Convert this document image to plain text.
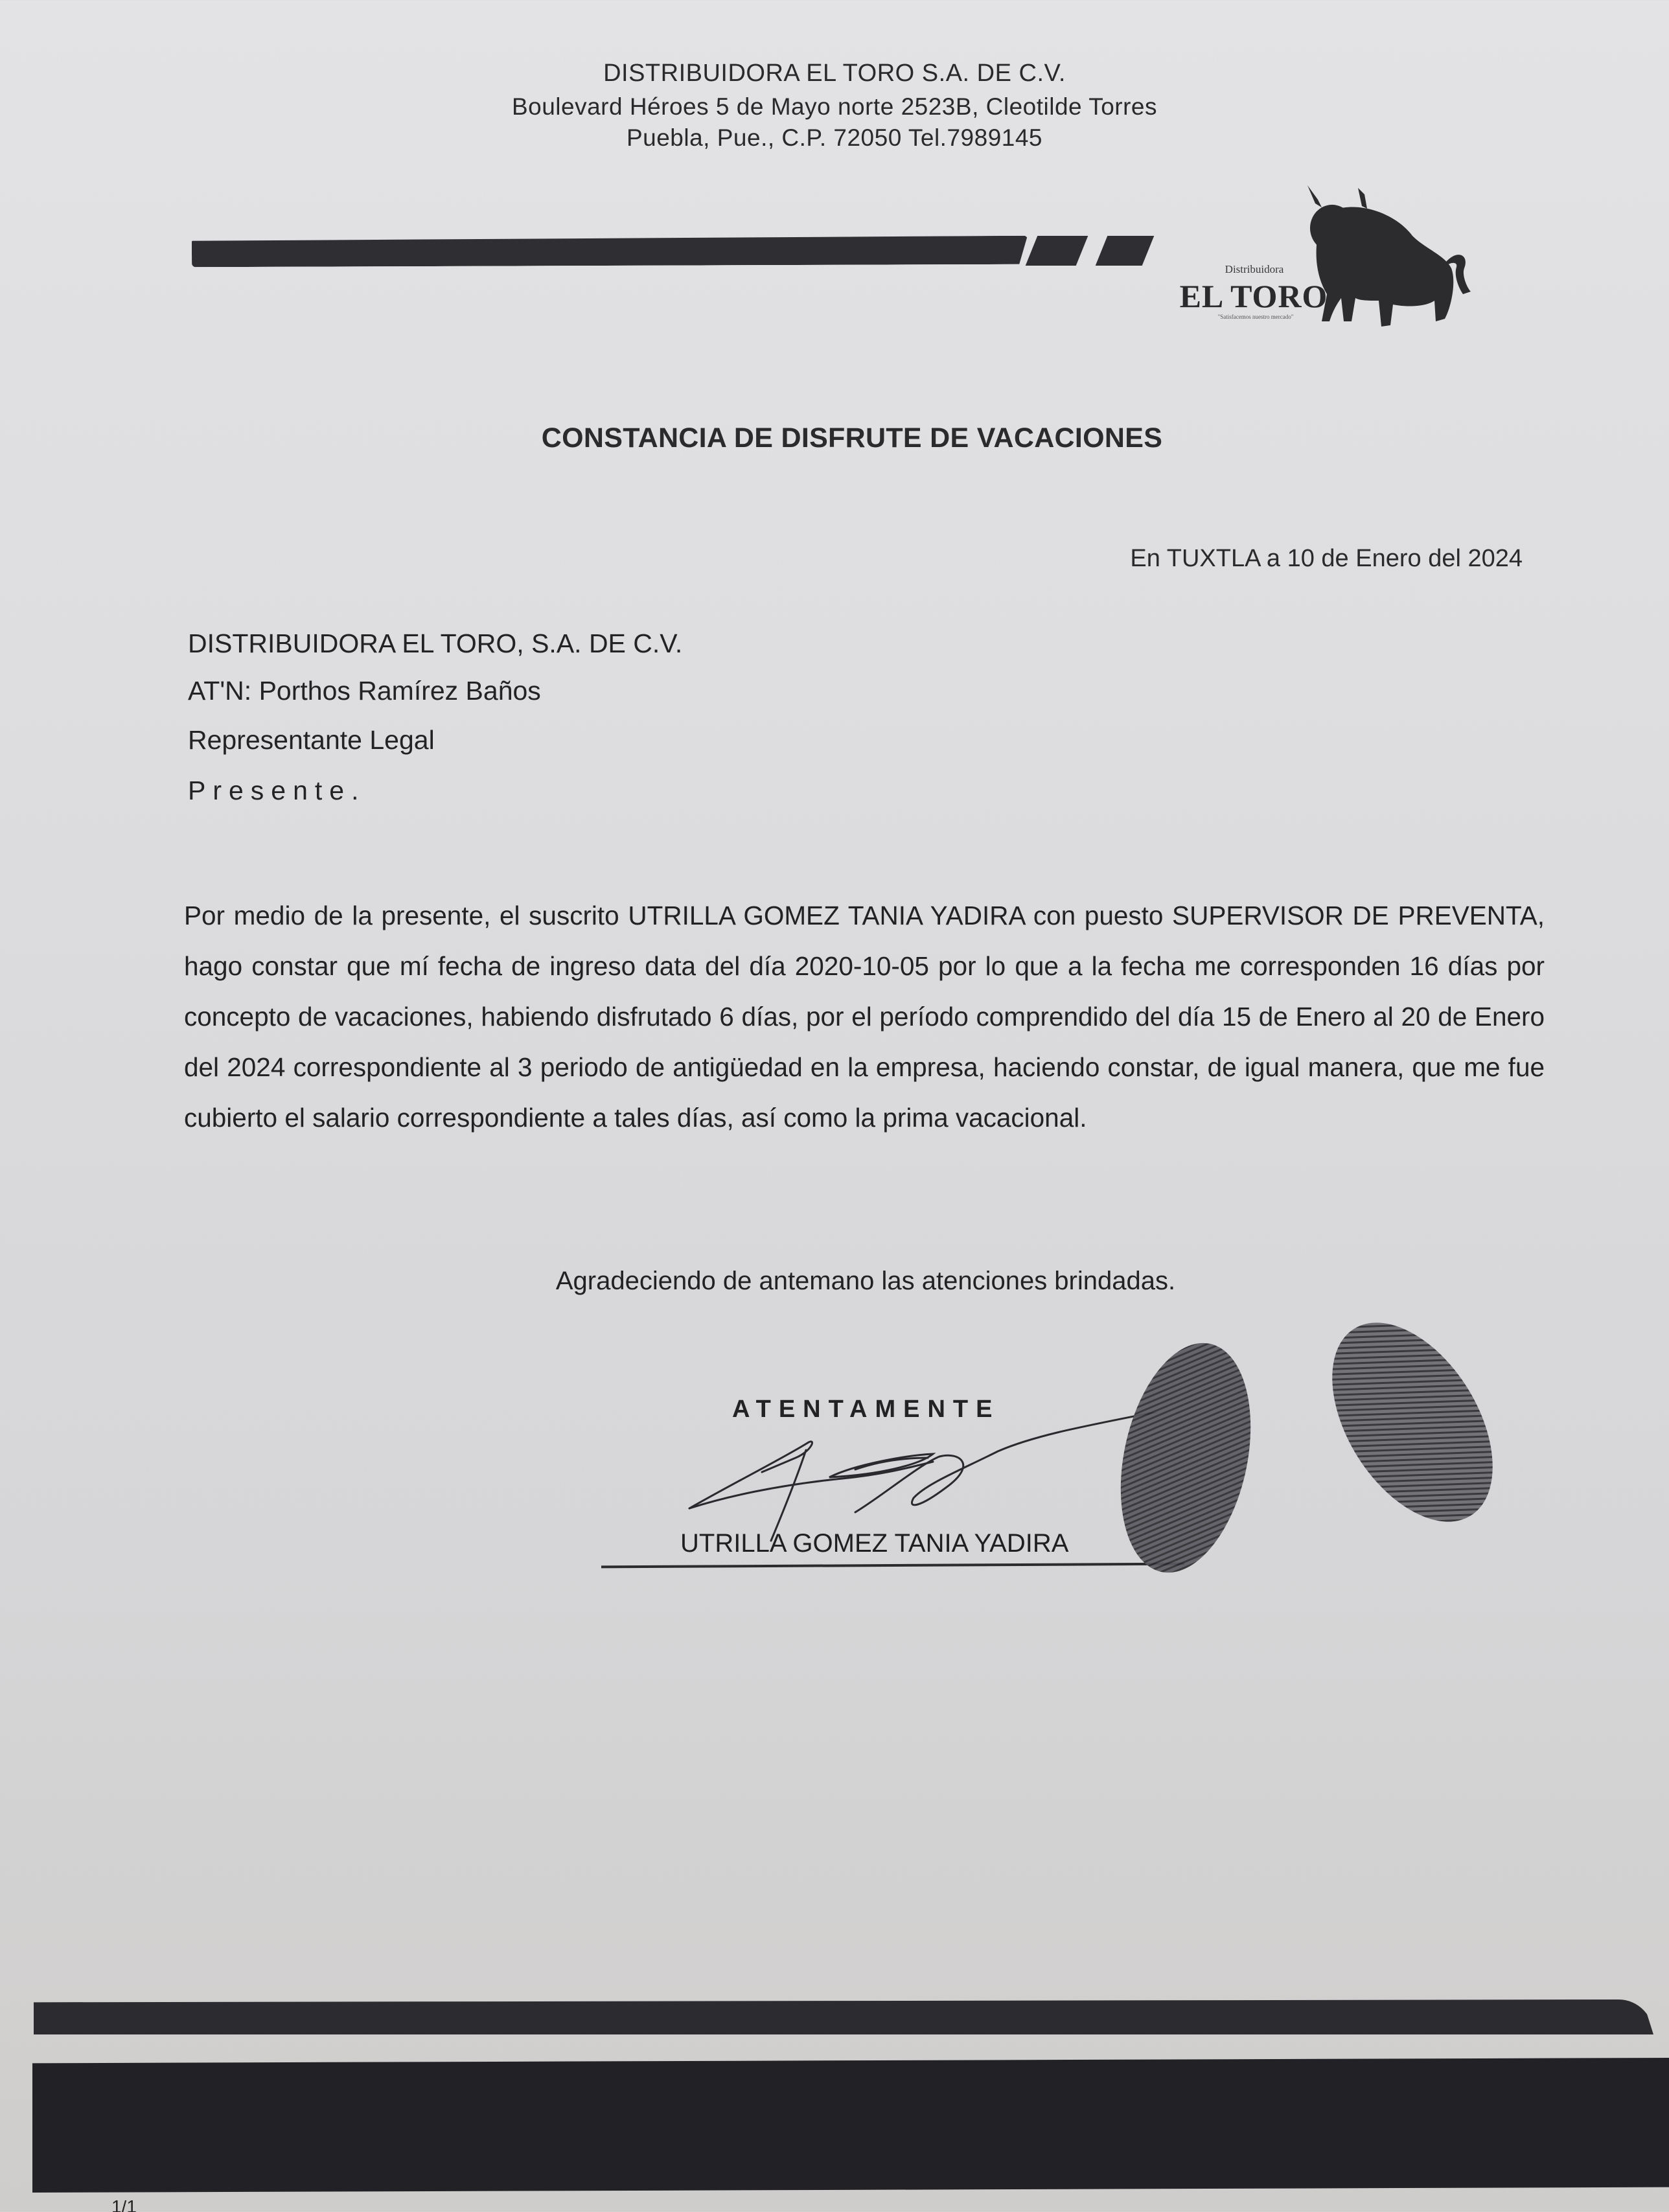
DISTRIBUIDORA EL TORO S.A. DE C.V.
Boulevard Héroes 5 de Mayo norte 2523B, Cleotilde Torres
Puebla, Pue., C.P. 72050 Tel.7989145
Distribuidora
EL TORO
"Satisfacemos nuestro mercado"
CONSTANCIA DE DISFRUTE DE VACACIONES
En TUXTLA a 10 de Enero del 2024
DISTRIBUIDORA EL TORO, S.A. DE C.V.
AT'N: Porthos Ramírez Baños
Representante Legal
Presente.
Por medio de la presente, el suscrito UTRILLA GOMEZ TANIA YADIRA con puesto SUPERVISOR DE PREVENTA, hago constar que mí fecha de ingreso data del día 2020-10-05 por lo que a la fecha me corresponden 16 días por concepto de vacaciones, habiendo disfrutado 6 días, por el período comprendido del día 15 de Enero al 20 de Enero del 2024 correspondiente al 3 periodo de antigüedad en la empresa, haciendo constar, de igual manera, que me fue cubierto el salario correspondiente a tales días, así como la prima vacacional.
Agradeciendo de antemano las atenciones brindadas.
ATENTAMENTE
UTRILLA GOMEZ TANIA YADIRA
1/1
